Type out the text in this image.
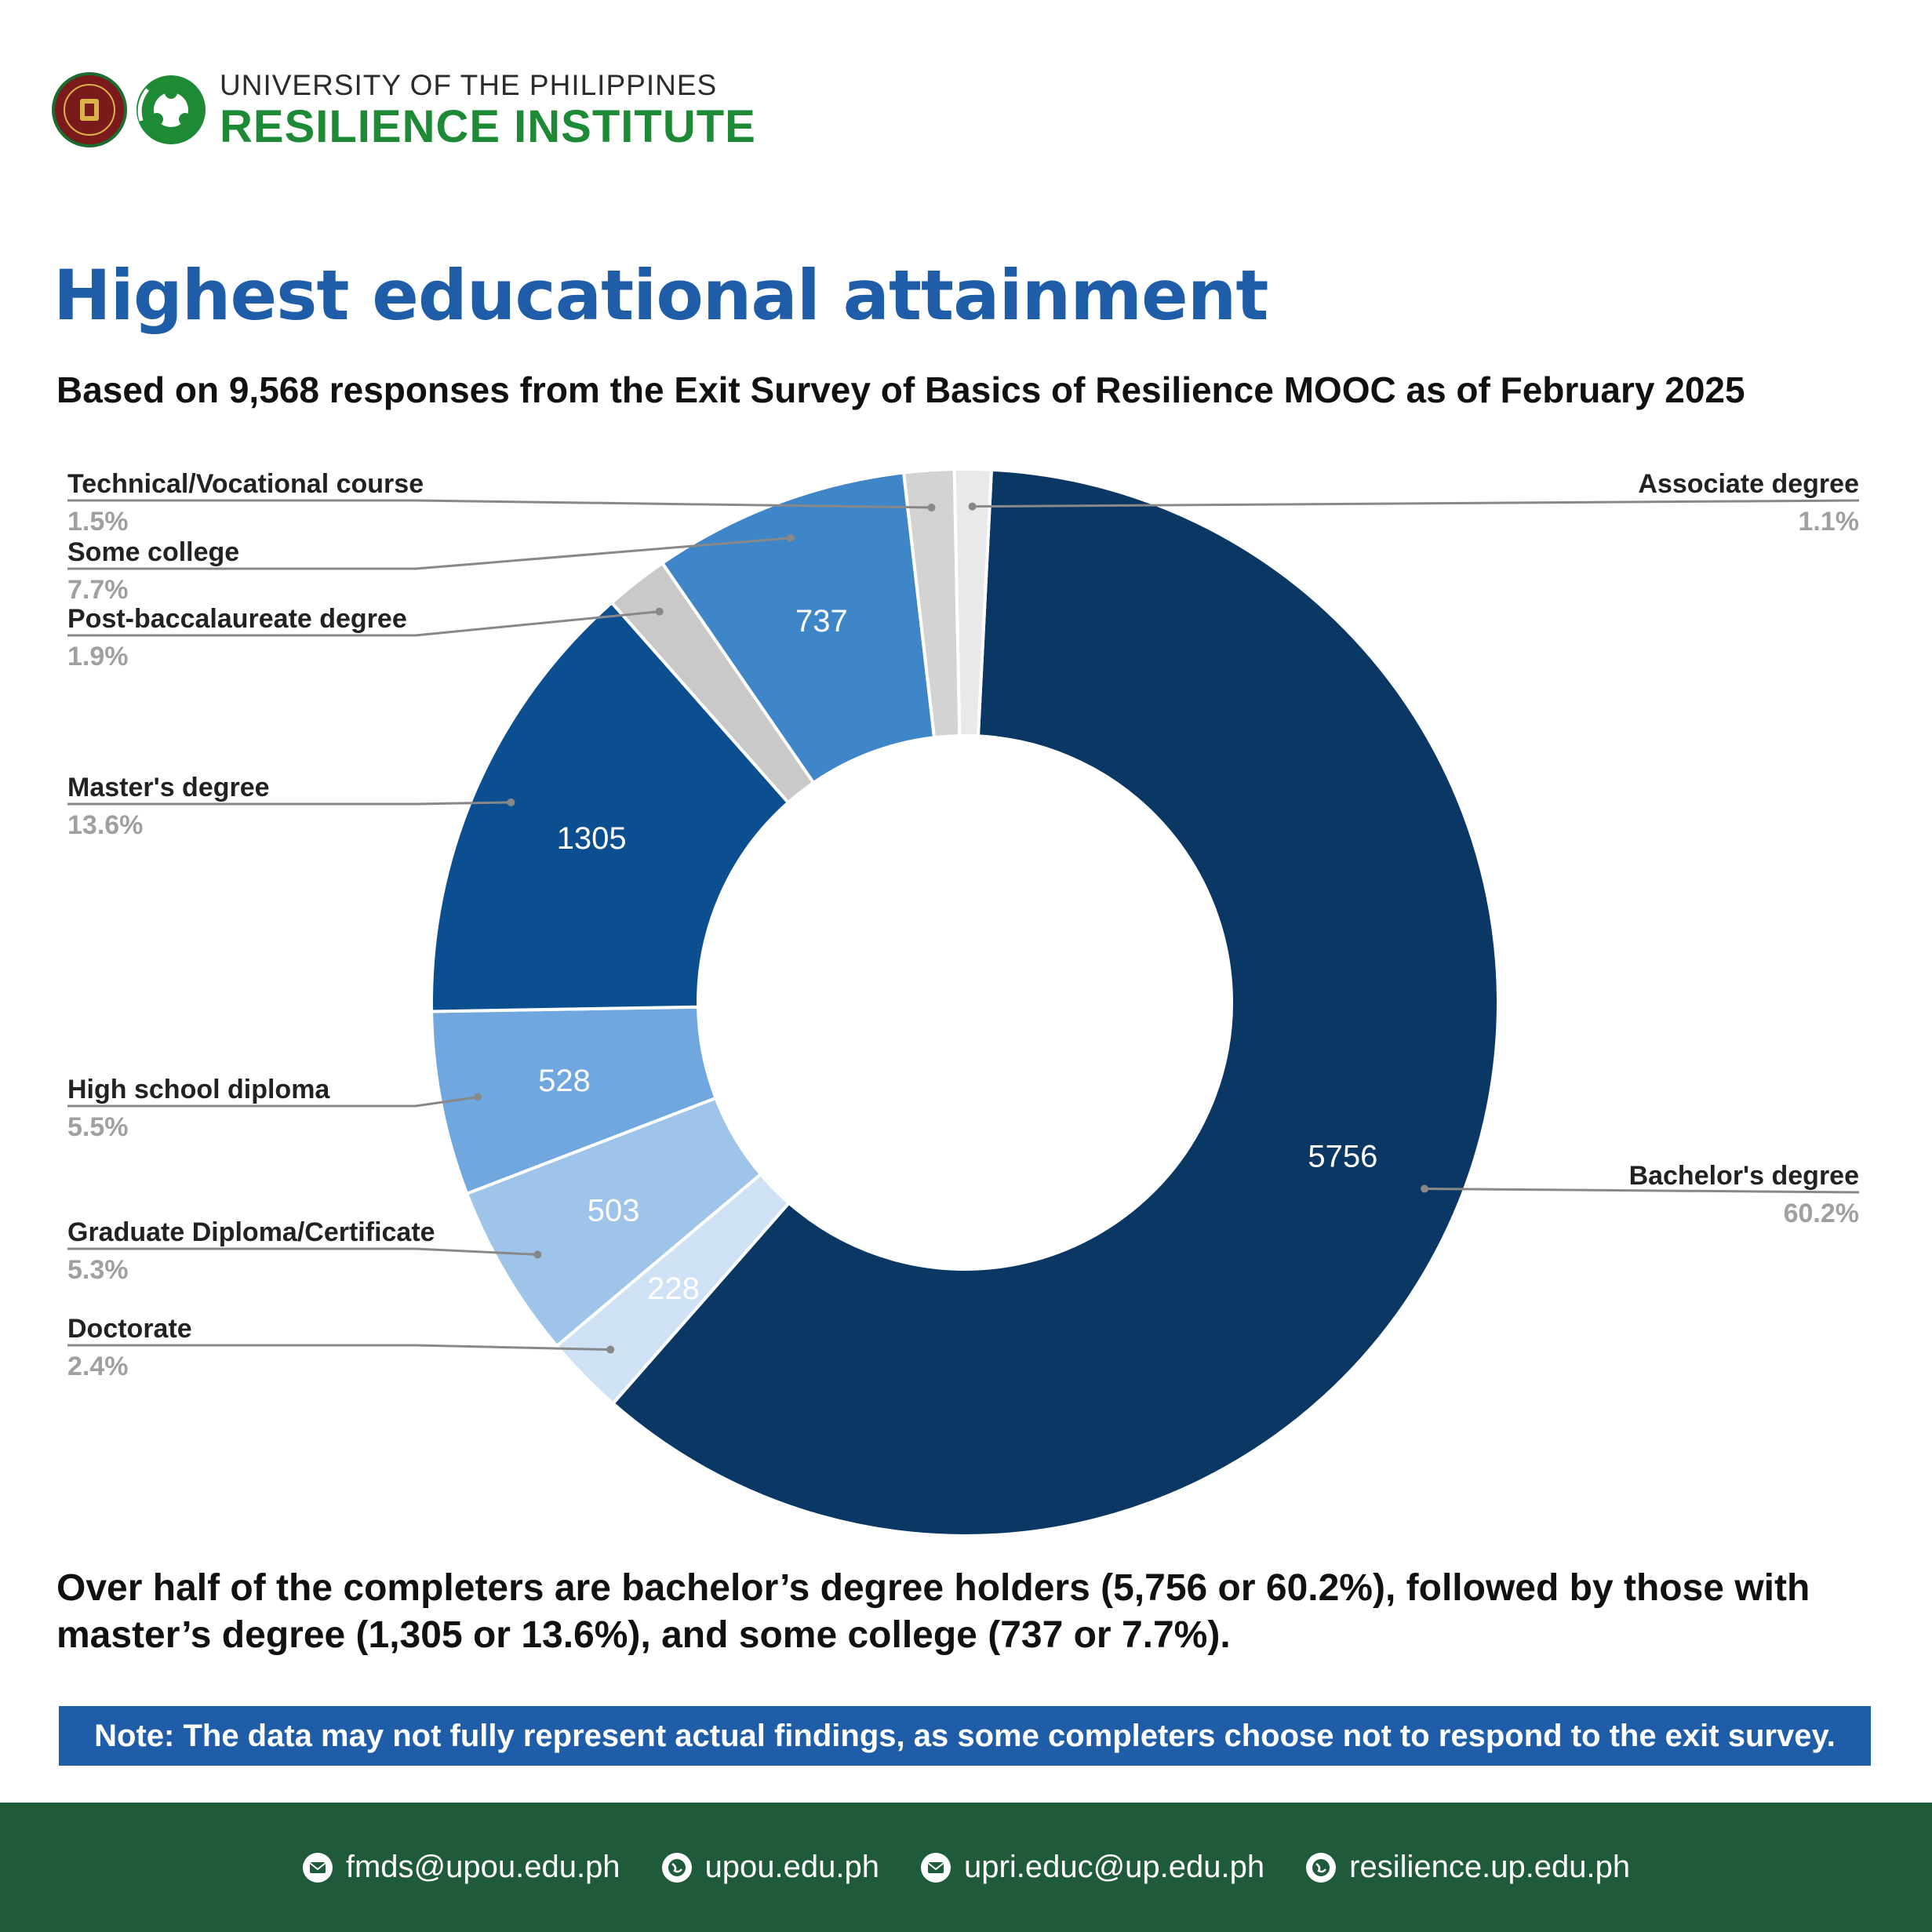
UNIVERSITY OF THE PHILIPPINES
RESILIENCE INSTITUTE
Highest educational attainment
Based on 9,568 responses from the Exit Survey of Basics of Resilience MOOC as of February 2025
5756
228
503
528
1305
737
Bachelor's degree
60.2%
Doctorate
2.4%
Graduate Diploma/Certificate
5.3%
High school diploma
5.5%
Master's degree
13.6%
Post-baccalaureate degree
1.9%
Some college
7.7%
Technical/Vocational course
1.5%
Associate degree
1.1%
Over half of the completers are bachelor’s degree holders (5,756 or 60.2%), followed by those with master’s degree (1,305 or 13.6%), and some college (737 or 7.7%).
Note: The data may not fully represent actual findings, as some completers choose not to respond to the exit survey.
fmds@upou.edu.ph	upou.edu.ph	upri.educ@up.edu.ph	resilience.up.edu.ph
